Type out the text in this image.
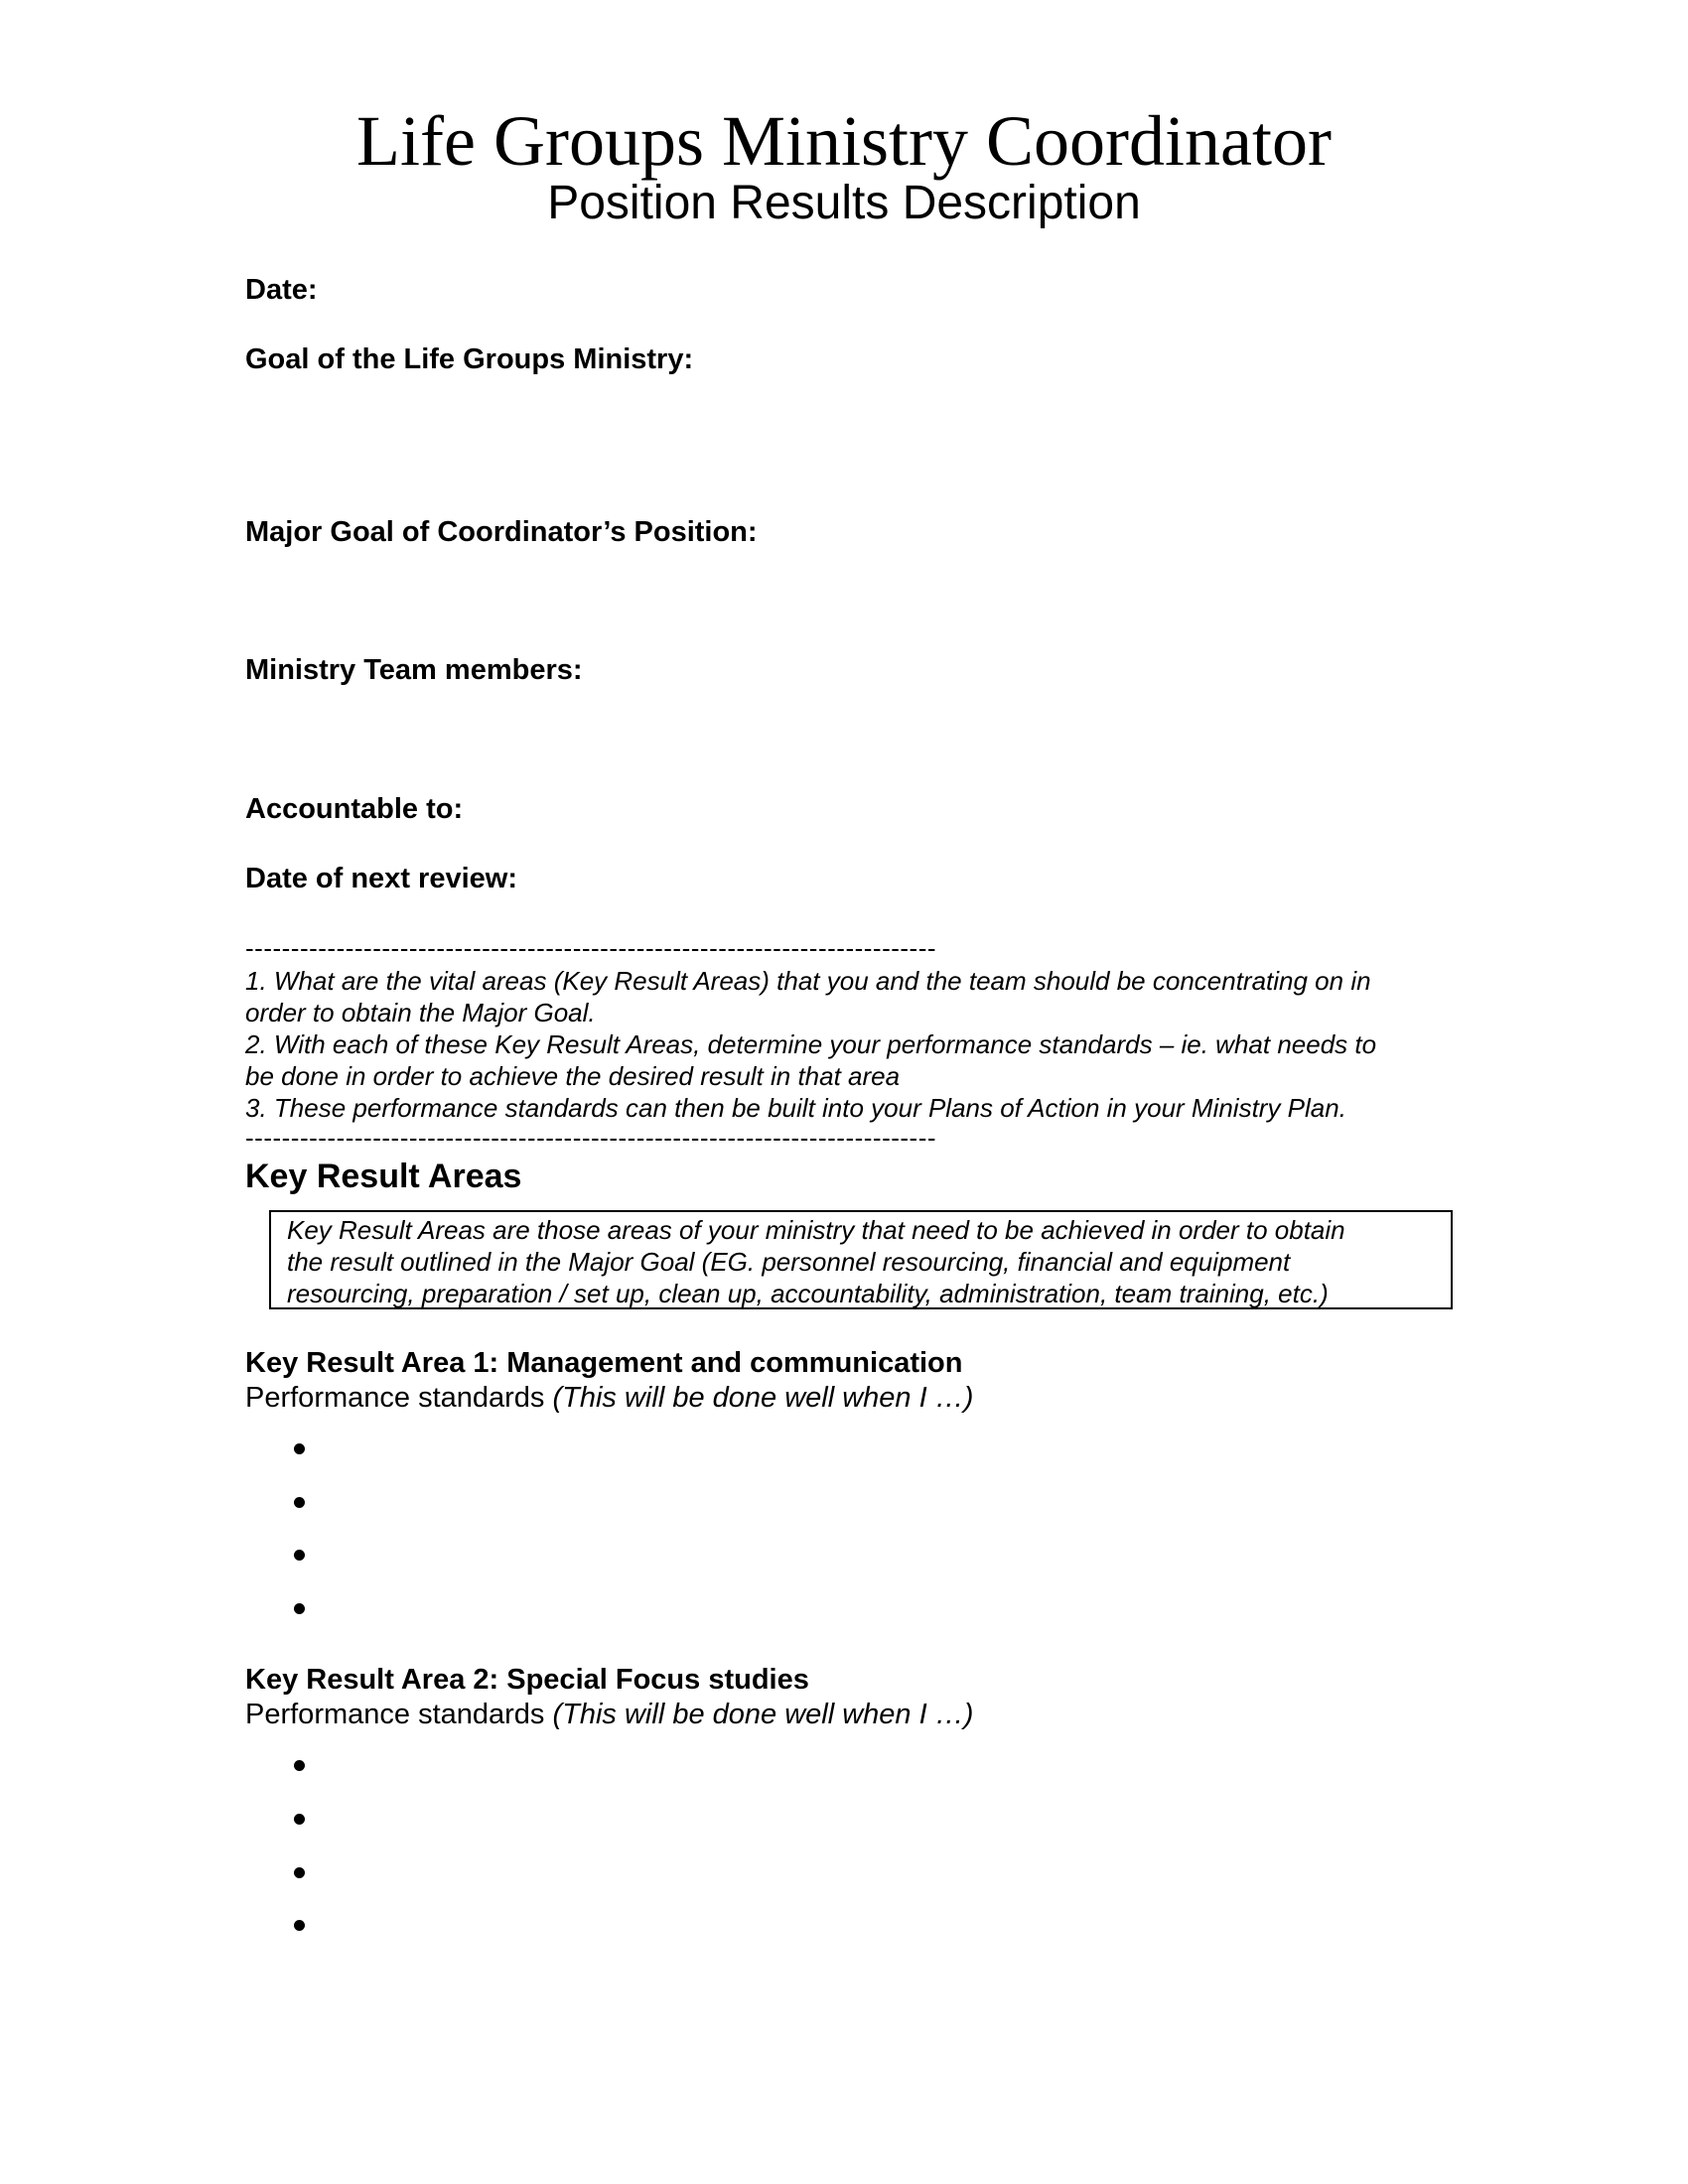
Life Groups Ministry Coordinator
Position Results Description
Date:
Goal of the Life Groups Ministry:
Major Goal of Coordinator’s Position:
Ministry Team members:
Accountable to:
Date of next review:
----------------------------------------------------------------------------
1. What are the vital areas (Key Result Areas) that you and the team should be concentrating on in
order to obtain the Major Goal.
2. With each of these Key Result Areas, determine your performance standards – ie. what needs to
be done in order to achieve the desired result in that area
3. These performance standards can then be built into your Plans of Action in your Ministry Plan.
----------------------------------------------------------------------------
Key Result Areas
Key Result Areas are those areas of your ministry that need to be achieved in order to obtain
the result outlined in the Major Goal (EG. personnel resourcing, financial and equipment
resourcing, preparation / set up, clean up, accountability, administration, team training, etc.)
Key Result Area 1: Management and communication
Performance standards (This will be done well when I …)
Key Result Area 2: Special Focus studies
Performance standards (This will be done well when I …)
